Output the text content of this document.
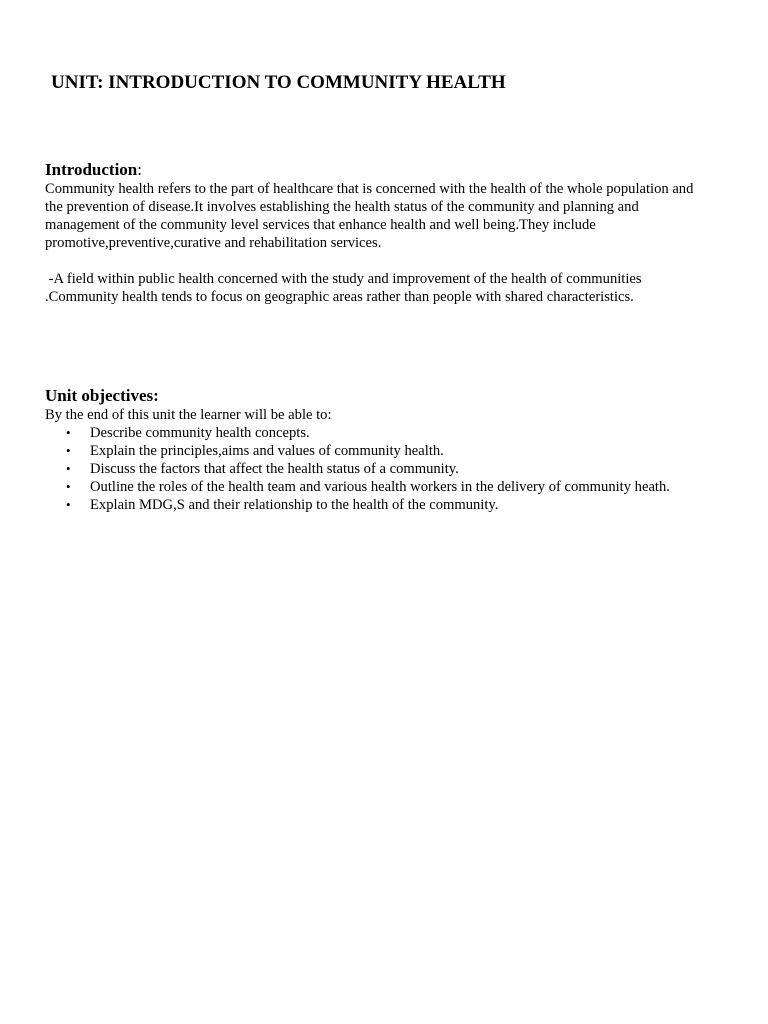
UNIT: INTRODUCTION TO COMMUNITY HEALTH
Introduction:

Community health refers to the part of healthcare that is concerned with the health of the whole population and
the prevention of disease.It involves establishing the health status of the community and planning and
management of the community level services that enhance health and well being.They include
promotive,preventive,curative and rehabilitation services.

-A field within public health concerned with the study and improvement of the health of communities
.Community health tends to focus on geographic areas rather than people with shared characteristics.

Unit objectives:

By the end of this unit the learner will be able to:

• Describe community health concepts.
• Explain the principles,aims and values of community health.
• Discuss the factors that affect the health status of a community.
• Outline the roles of the health team and various health workers in the delivery of community heath.
• Explain MDG,S and their relationship to the health of the community.
